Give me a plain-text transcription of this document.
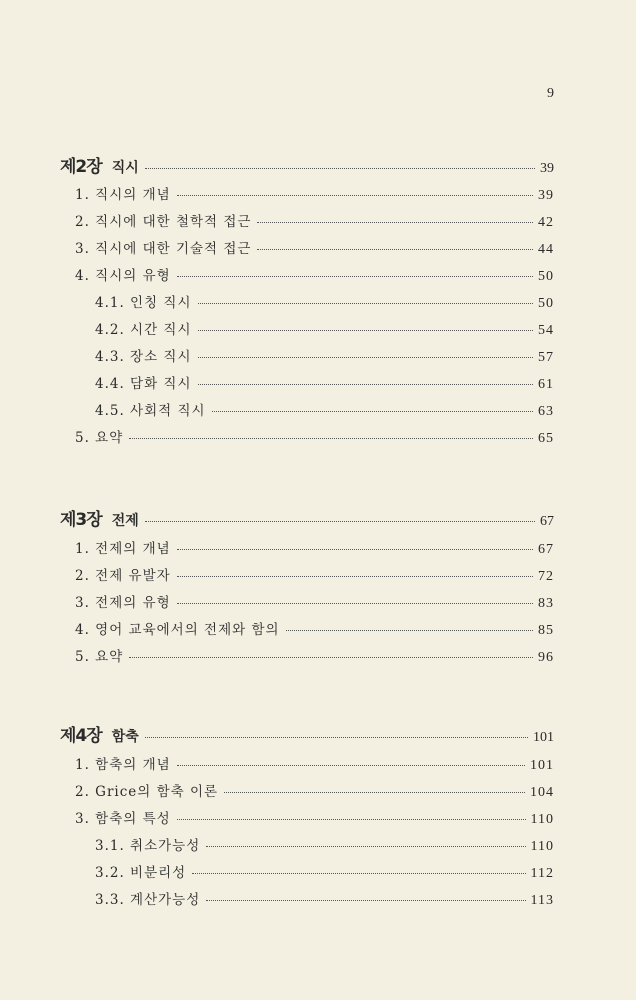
9
제2장 직시	39
1. 직시의 개념	39
2. 직시에 대한 철학적 접근	42
3. 직시에 대한 기술적 접근	44
4. 직시의 유형	50
4.1. 인칭 직시	50
4.2. 시간 직시	54
4.3. 장소 직시	57
4.4. 담화 직시	61
4.5. 사회적 직시	63
5. 요약	65
제3장 전제	67
1. 전제의 개념	67
2. 전제 유발자	72
3. 전제의 유형	83
4. 영어 교육에서의 전제와 함의	85
5. 요약	96
제4장 함축	101
1. 함축의 개념	101
2. Grice의 함축 이론	104
3. 함축의 특성	110
3.1. 취소가능성	110
3.2. 비분리성	112
3.3. 계산가능성	113
